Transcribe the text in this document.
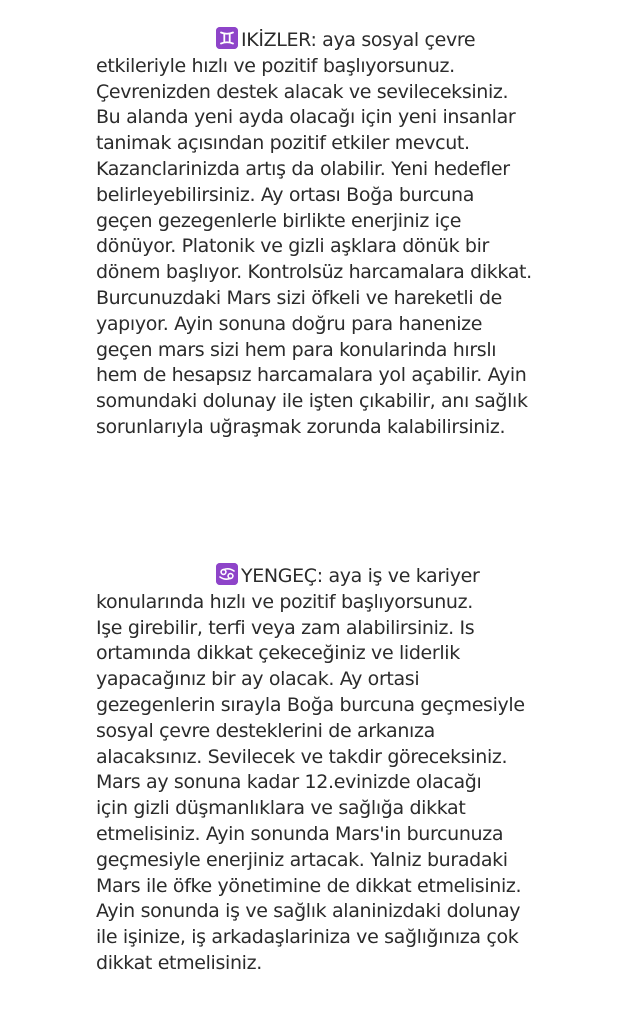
IKİZLER: aya sosyal çevre

etkileriyle hızlı ve pozitif başlıyorsunuz.

Çevrenizden destek alacak ve sevileceksiniz.

Bu alanda yeni ayda olacağı için yeni insanlar

tanimak açısından pozitif etkiler mevcut.

Kazanclarinizda artış da olabilir. Yeni hedefler

belirleyebilirsiniz. Ay ortası Boğa burcuna

geçen gezegenlerle birlikte enerjiniz içe

dönüyor. Platonik ve gizli aşklara dönük bir

dönem başlıyor. Kontrolsüz harcamalara dikkat.

Burcunuzdaki Mars sizi öfkeli ve hareketli de

yapıyor. Ayin sonuna doğru para hanenize

geçen mars sizi hem para konularinda hırslı

hem de hesapsız harcamalara yol açabilir. Ayin

somundaki dolunay ile işten çıkabilir, anı sağlık

sorunlarıyla uğraşmak zorunda kalabilirsiniz.

YENGEÇ: aya iş ve kariyer

konularında hızlı ve pozitif başlıyorsunuz.

Işe girebilir, terfi veya zam alabilirsiniz. Is

ortamında dikkat çekeceğiniz ve liderlik

yapacağınız bir ay olacak. Ay ortasi

gezegenlerin sırayla Boğa burcuna geçmesiyle

sosyal çevre desteklerini de arkanıza

alacaksınız. Sevilecek ve takdir göreceksiniz.

Mars ay sonuna kadar 12.evinizde olacağı

için gizli düşmanlıklara ve sağlığa dikkat

etmelisiniz. Ayin sonunda Mars'in burcunuza

geçmesiyle enerjiniz artacak. Yalniz buradaki

Mars ile öfke yönetimine de dikkat etmelisiniz.

Ayin sonunda iş ve sağlık alaninizdaki dolunay

ile işinize, iş arkadaşlariniza ve sağlığınıza çok

dikkat etmelisiniz.
